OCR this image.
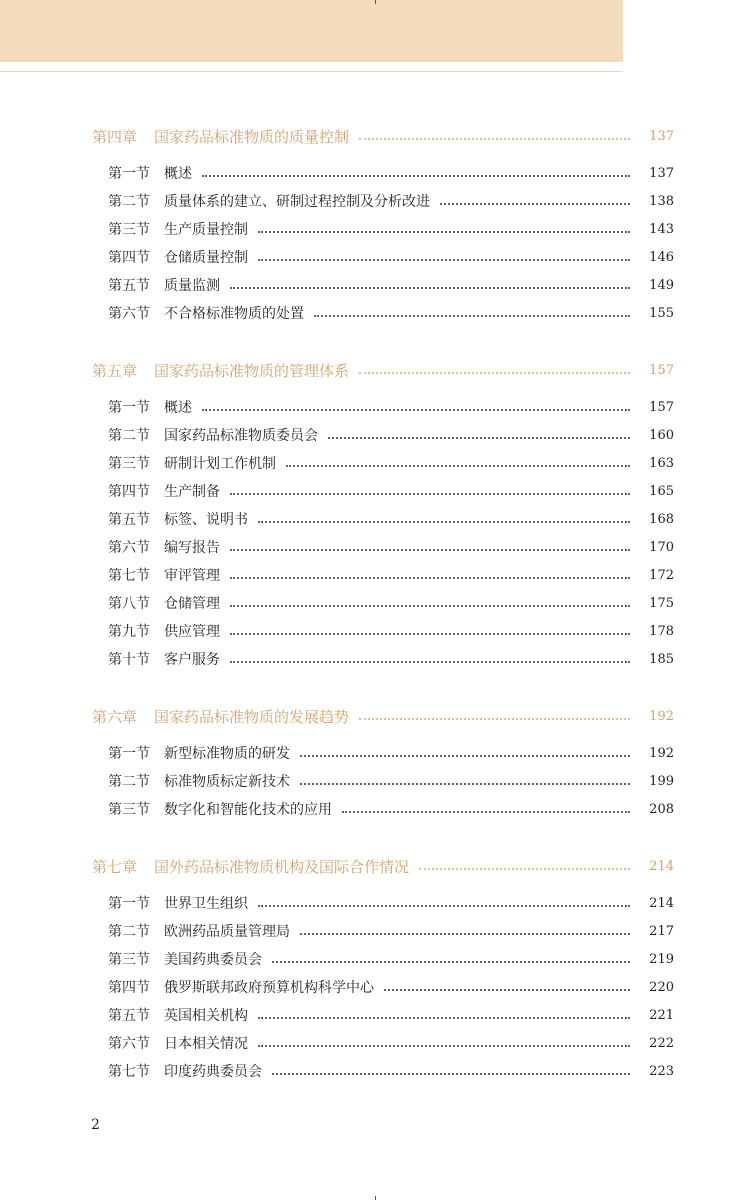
第四章	国家药品标准物质的质量控制	137
第一节	概述	137
第二节	质量体系的建立、研制过程控制及分析改进	138
第三节	生产质量控制	143
第四节	仓储质量控制	146
第五节	质量监测	149
第六节	不合格标准物质的处置	155
第五章	国家药品标准物质的管理体系	157
第一节	概述	157
第二节	国家药品标准物质委员会	160
第三节	研制计划工作机制	163
第四节	生产制备	165
第五节	标签、说明书	168
第六节	编写报告	170
第七节	审评管理	172
第八节	仓储管理	175
第九节	供应管理	178
第十节	客户服务	185
第六章	国家药品标准物质的发展趋势	192
第一节	新型标准物质的研发	192
第二节	标准物质标定新技术	199
第三节	数字化和智能化技术的应用	208
第七章	国外药品标准物质机构及国际合作情况	214
第一节	世界卫生组织	214
第二节	欧洲药品质量管理局	217
第三节	美国药典委员会	219
第四节	俄罗斯联邦政府预算机构科学中心	220
第五节	英国相关机构	221
第六节	日本相关情况	222
第七节	印度药典委员会	223
2
